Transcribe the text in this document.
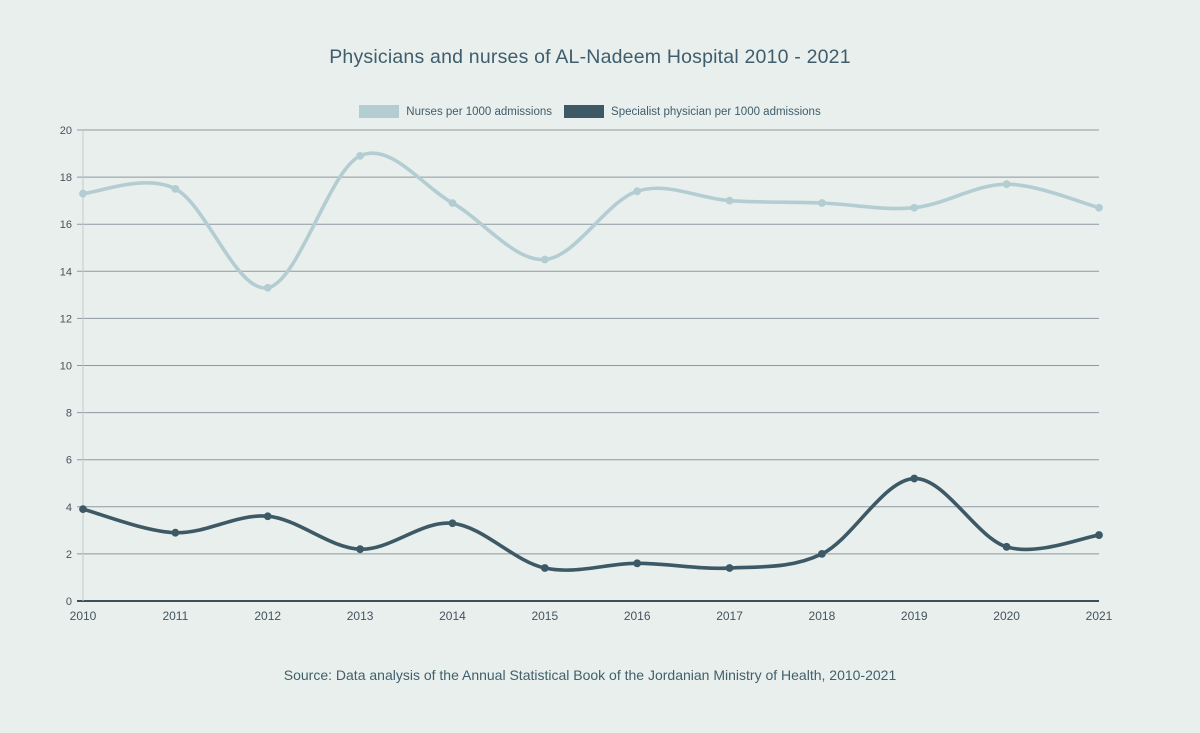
Physicians and nurses of AL-Nadeem Hospital 2010 - 2021
Nurses per 1000 admissions	Specialist physician per 1000 admissions
0
2
4
6
8
10
12
14
16
18
20
2010	2011	2012	2013	2014	2015	2016	2017	2018	2019	2020	2021
Source: Data analysis of the Annual Statistical Book of the Jordanian Ministry of Health, 2010-2021
